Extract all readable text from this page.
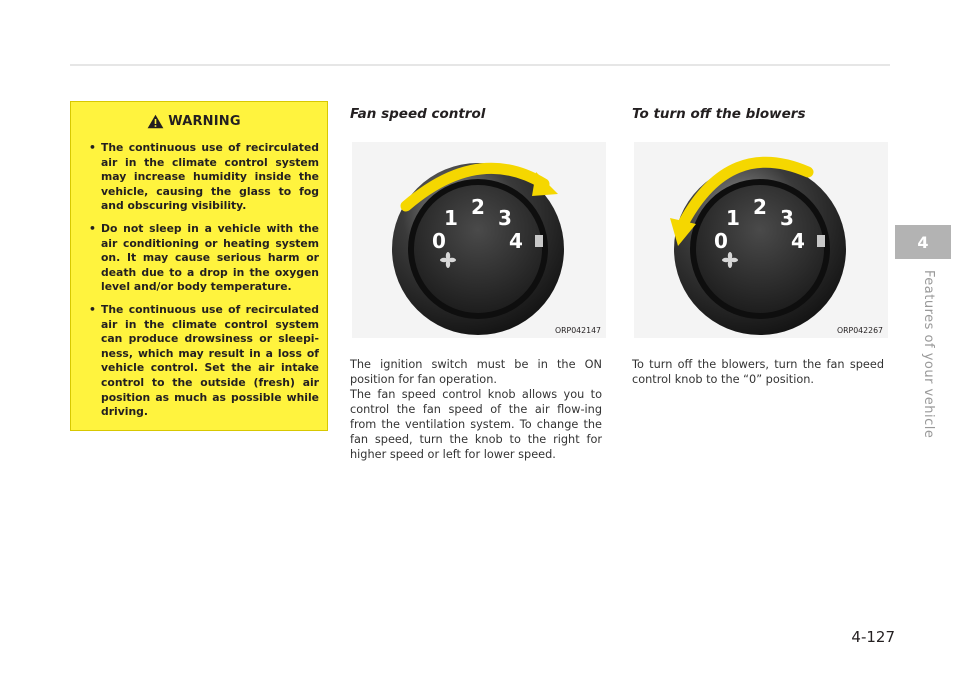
WARNING
• The continuous use of recirculated air in the climate control system may increase humidity inside the vehicle, causing the glass to fog and obscuring visibility.
• Do not sleep in a vehicle with the air conditioning or heating system on. It may cause serious harm or death due to a drop in the oxygen level and/or body temperature.
• The continuous use of recirculated air in the climate control system can produce drowsiness or sleepi-ness, which may result in a loss of vehicle control. Set the air intake control to the outside (fresh) air position as much as possible while driving.
Fan speed control
0
1 2 3
4
ORP042147

The ignition switch must be in the ON position for fan operation.

The fan speed control knob allows you to control the fan speed of the air flow-ing from the ventilation system. To change the fan speed, turn the knob to the right for higher speed or left for lower speed.

To turn off the blowers
0
1 2 3
4
ORP042267

To turn off the blowers, turn the fan speed control knob to the “0” position.

4
Features of your vehicle
4-127
